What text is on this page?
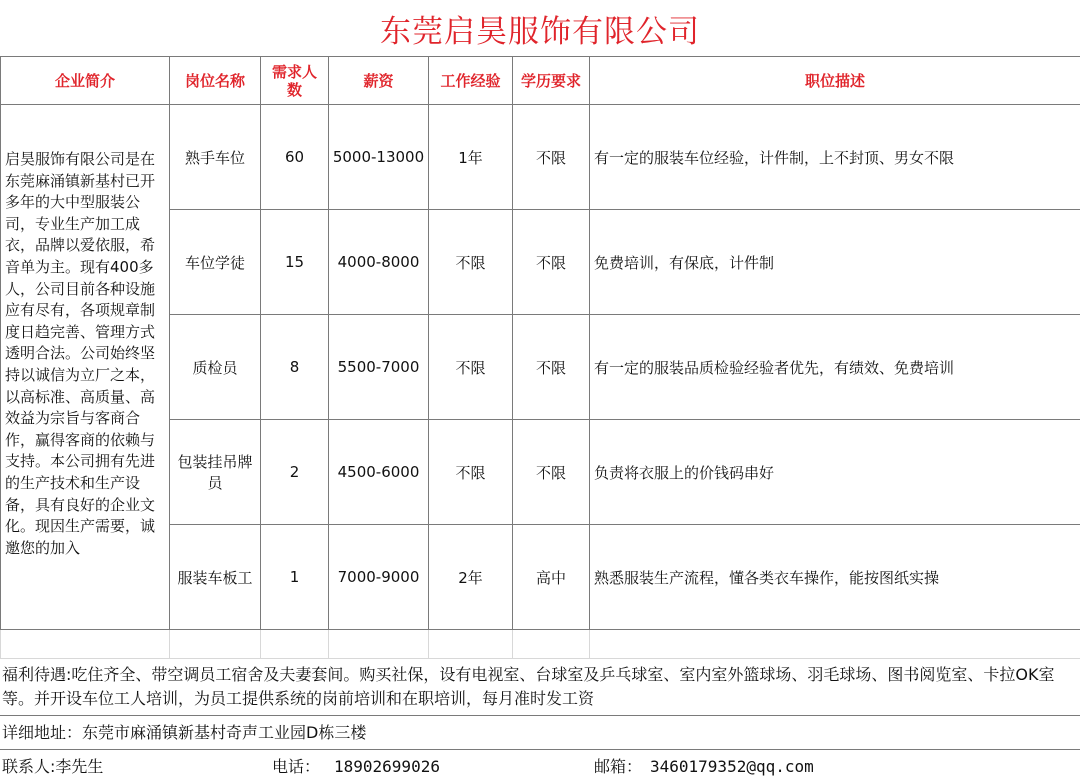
东莞启昊服饰有限公司
企业简介	岗位名称	需求人数	薪资	工作经验	学历要求	职位描述
启昊服饰有限公司是在东莞麻涌镇新基村已开多年的大中型服装公司，专业生产加工成衣，品牌以爱依服，希音单为主。现有400多人，公司目前各种设施应有尽有，各项规章制度日趋完善、管理方式透明合法。公司始终坚持以诚信为立厂之本，以高标准、高质量、高效益为宗旨与客商合作，赢得客商的依赖与支持。本公司拥有先进的生产技术和生产设备，具有良好的企业文化。现因生产需要，诚邀您的加入	熟手车位	60	5000-13000	1年	不限	有一定的服装车位经验，计件制，上不封顶、男女不限
	车位学徒	15	4000-8000	不限	不限	免费培训，有保底，计件制
	质检员	8	5500-7000	不限	不限	有一定的服装品质检验经验者优先，有绩效、免费培训
	包装挂吊牌员	2	4500-6000	不限	不限	负责将衣服上的价钱码串好
	服装车板工	1	7000-9000	2年	高中	熟悉服装生产流程，懂各类衣车操作，能按图纸实操

福利待遇:吃住齐全、带空调员工宿舍及夫妻套间。购买社保，设有电视室、台球室及乒乓球室、室内室外篮球场、羽毛球场、图书阅览室、卡拉OK室等。并开设车位工人培训，为员工提供系统的岗前培训和在职培训，每月准时发工资
详细地址：东莞市麻涌镇新基村奇声工业园D栋三楼
联系人:李先生	电话： 18902699026	邮箱： 3460179352@qq.com
